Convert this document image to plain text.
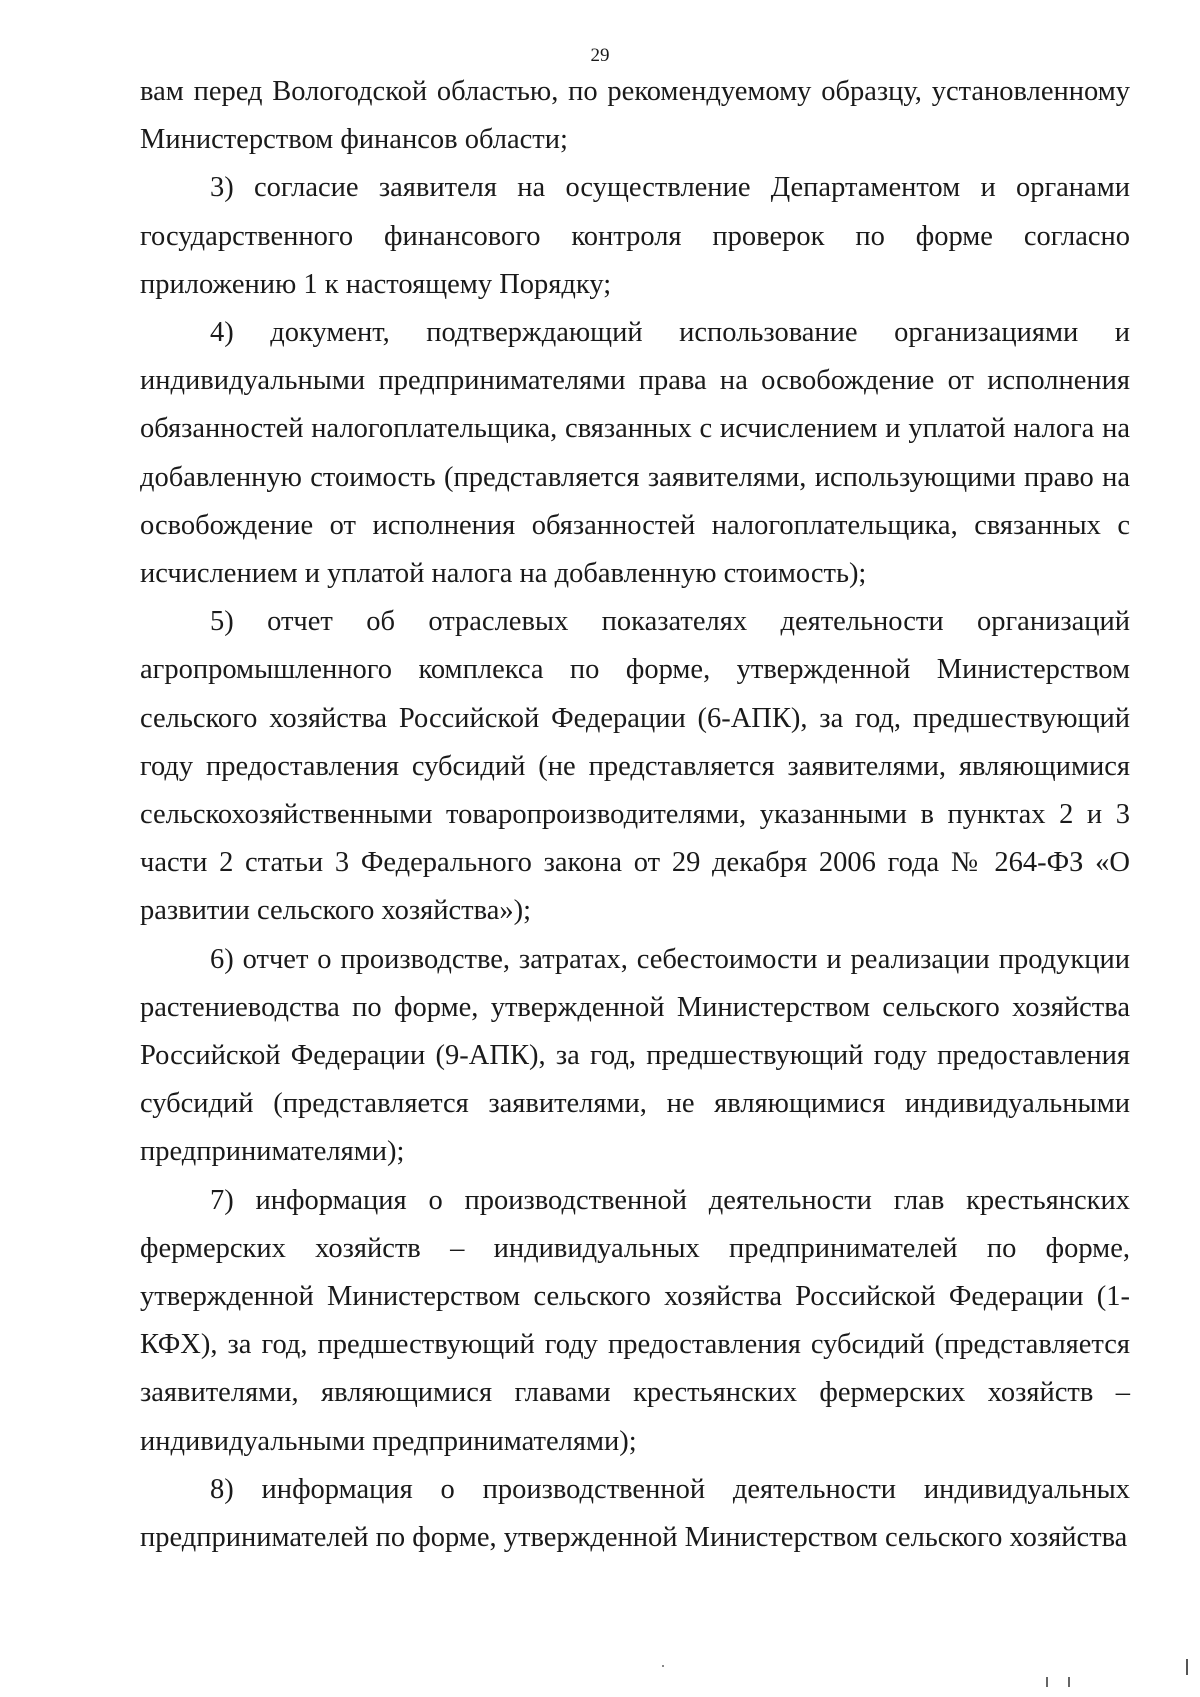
29

вам перед Вологодской областью, по рекомендуемому образцу, установленному Министерством финансов области;

3) согласие заявителя на осуществление Департаментом и органами государственного финансового контроля проверок по форме согласно приложению 1 к настоящему Порядку;

4) документ, подтверждающий использование организациями и индивидуальными предпринимателями права на освобождение от исполнения обязанностей налогоплательщика, связанных с исчислением и уплатой налога на добавленную стоимость (представляется заявителями, использующими право на освобождение от исполнения обязанностей налогоплательщика, связанных с исчислением и уплатой налога на добавленную стоимость);

5) отчет об отраслевых показателях деятельности организаций агропромышленного комплекса по форме, утвержденной Министерством сельского хозяйства Российской Федерации (6-АПК), за год, предшествующий году предоставления субсидий (не представляется заявителями, являющимися сельскохозяйственными товаропроизводителями, указанными в пунктах 2 и 3 части 2 статьи 3 Федерального закона от 29 декабря 2006 года № 264-ФЗ «О развитии сельского хозяйства»);

6) отчет о производстве, затратах, себестоимости и реализации продукции растениеводства по форме, утвержденной Министерством сельского хозяйства Российской Федерации (9-АПК), за год, предшествующий году предоставления субсидий (представляется заявителями, не являющимися индивидуальными предпринимателями);

7) информация о производственной деятельности глав крестьянских фермерских хозяйств – индивидуальных предпринимателей по форме, утвержденной Министерством сельского хозяйства Российской Федерации (1-КФХ), за год, предшествующий году предоставления субсидий (представляется заявителями, являющимися главами крестьянских фермерских хозяйств – индивидуальными предпринимателями);

8) информация о производственной деятельности индивидуальных предпринимателей по форме, утвержденной Министерством сельского хозяйства
